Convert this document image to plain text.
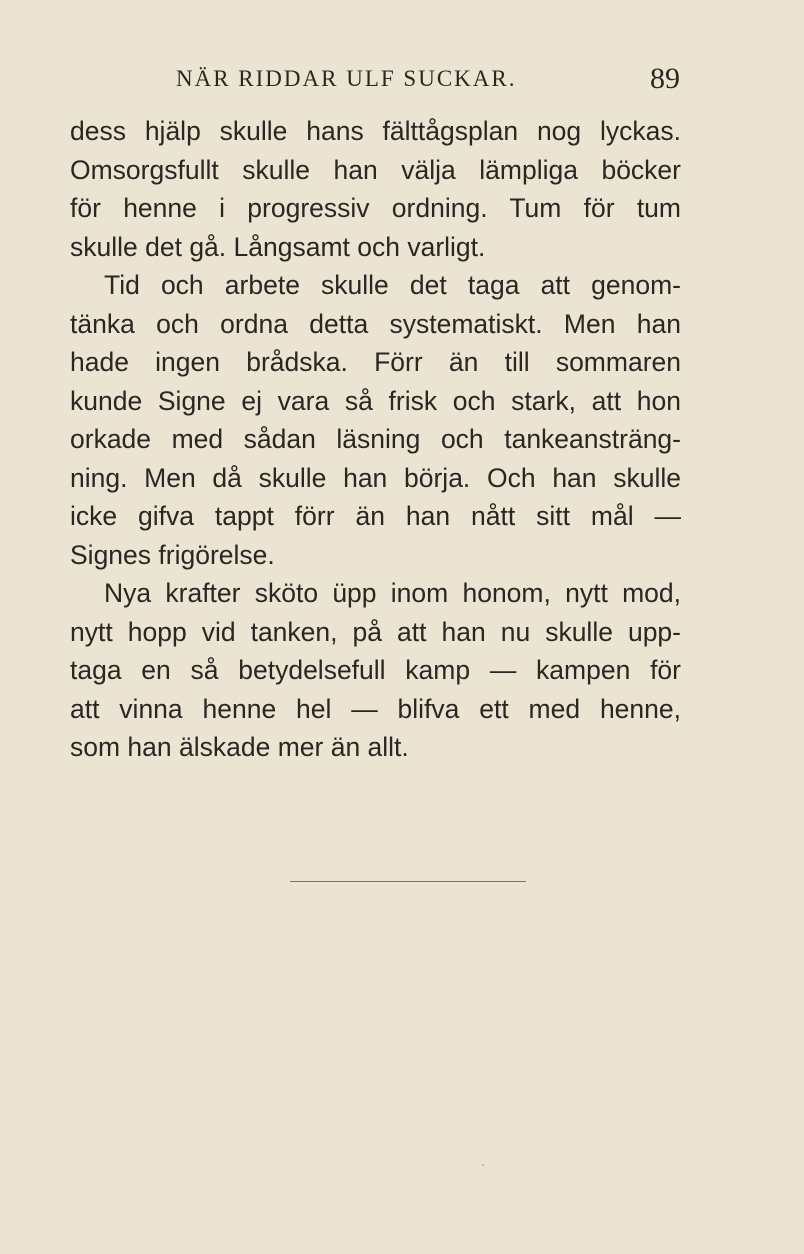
NÄR RIDDAR ULF SUCKAR.	89
dess hjälp skulle hans fälttågsplan nog lyckas.
Omsorgsfullt skulle han välja lämpliga böcker
för henne i progressiv ordning. Tum för tum
skulle det gå. Långsamt och varligt.
Tid och arbete skulle det taga att genom-
tänka och ordna detta systematiskt. Men han
hade ingen brådska. Förr än till sommaren
kunde Signe ej vara så frisk och stark, att hon
orkade med sådan läsning och tankeansträng-
ning. Men då skulle han börja. Och han skulle
icke gifva tappt förr än han nått sitt mål —
Signes frigörelse.
Nya krafter sköto üpp inom honom, nytt mod,
nytt hopp vid tanken, på att han nu skulle upp-
taga en så betydelsefull kamp — kampen för
att vinna henne hel — blifva ett med henne,
som han älskade mer än allt.
